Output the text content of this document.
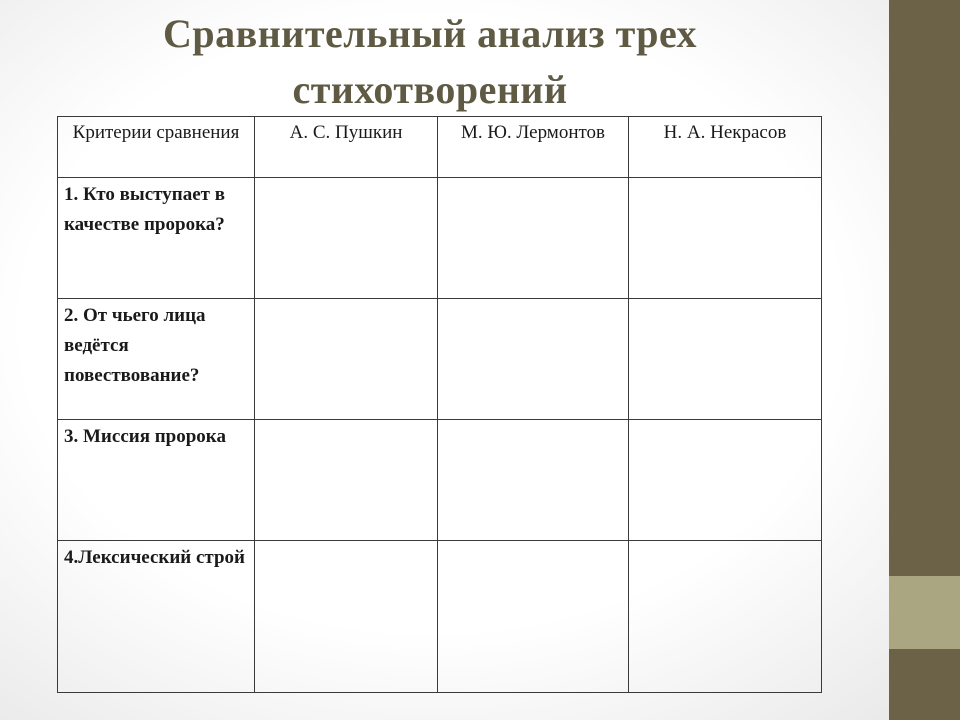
Сравнительный анализ трех
стихотворений
Критерии сравнения	А. С. Пушкин	М. Ю. Лермонтов	Н. А. Некрасов
1. Кто выступает в качестве пророка?			
2. От чьего лица ведётся повествование?			
3. Миссия пророка			
4.Лексический строй			
